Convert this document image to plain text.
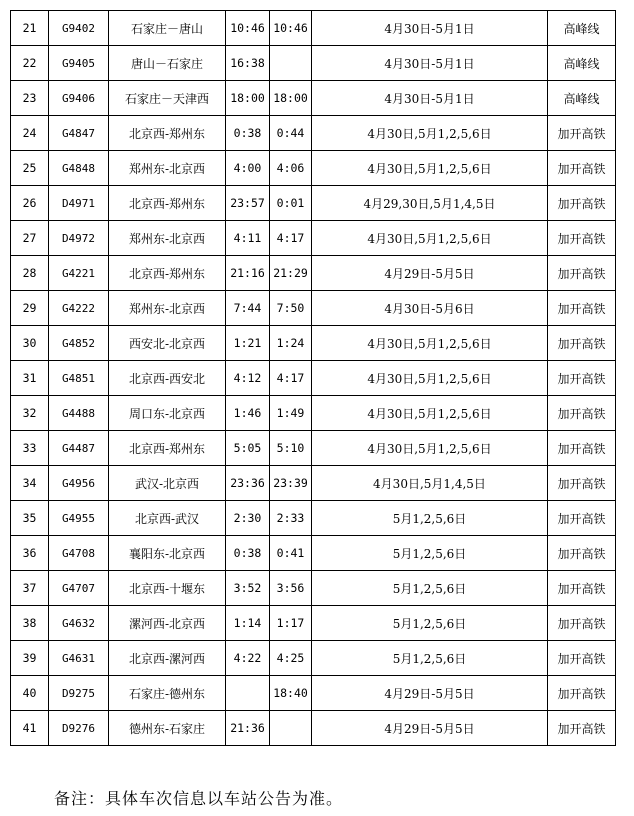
21	G9402	石家庄－唐山	10:46	10:46	4月30日-5月1日	高峰线
22	G9405	唐山－石家庄	16:38		4月30日-5月1日	高峰线
23	G9406	石家庄－天津西	18:00	18:00	4月30日-5月1日	高峰线
24	G4847	北京西-郑州东	0:38	0:44	4月30日,5月1,2,5,6日	加开高铁
25	G4848	郑州东-北京西	4:00	4:06	4月30日,5月1,2,5,6日	加开高铁
26	D4971	北京西-郑州东	23:57	0:01	4月29,30日,5月1,4,5日	加开高铁
27	D4972	郑州东-北京西	4:11	4:17	4月30日,5月1,2,5,6日	加开高铁
28	G4221	北京西-郑州东	21:16	21:29	4月29日-5月5日	加开高铁
29	G4222	郑州东-北京西	7:44	7:50	4月30日-5月6日	加开高铁
30	G4852	西安北-北京西	1:21	1:24	4月30日,5月1,2,5,6日	加开高铁
31	G4851	北京西-西安北	4:12	4:17	4月30日,5月1,2,5,6日	加开高铁
32	G4488	周口东-北京西	1:46	1:49	4月30日,5月1,2,5,6日	加开高铁
33	G4487	北京西-郑州东	5:05	5:10	4月30日,5月1,2,5,6日	加开高铁
34	G4956	武汉-北京西	23:36	23:39	4月30日,5月1,4,5日	加开高铁
35	G4955	北京西-武汉	2:30	2:33	5月1,2,5,6日	加开高铁
36	G4708	襄阳东-北京西	0:38	0:41	5月1,2,5,6日	加开高铁
37	G4707	北京西-十堰东	3:52	3:56	5月1,2,5,6日	加开高铁
38	G4632	漯河西-北京西	1:14	1:17	5月1,2,5,6日	加开高铁
39	G4631	北京西-漯河西	4:22	4:25	5月1,2,5,6日	加开高铁
40	D9275	石家庄-德州东		18:40	4月29日-5月5日	加开高铁
41	D9276	德州东-石家庄	21:36		4月29日-5月5日	加开高铁
备注：具体车次信息以车站公告为准。
